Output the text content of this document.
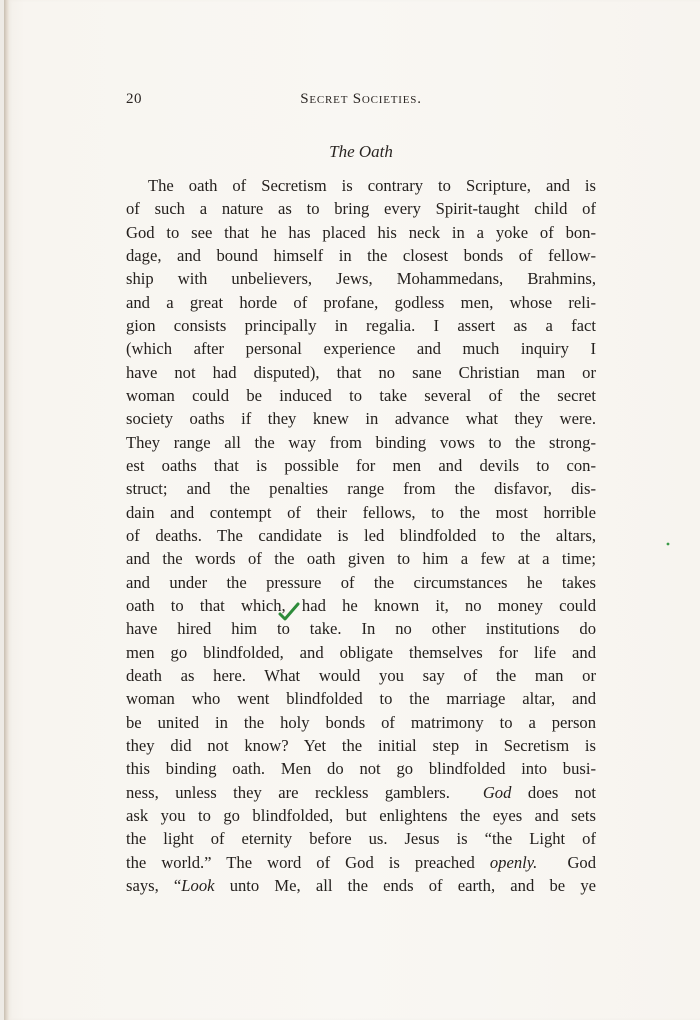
20	Secret Societies.
The Oath
The oath of Secretism is contrary to Scripture, and is
of such a nature as to bring every Spirit-taught child of
God to see that he has placed his neck in a yoke of bon-
dage, and bound himself in the closest bonds of fellow-
ship with unbelievers, Jews, Mohammedans, Brahmins,
and a great horde of profane, godless men, whose reli-
gion consists principally in regalia. I assert as a fact
(which after personal experience and much inquiry I
have not had disputed), that no sane Christian man or
woman could be induced to take several of the secret
society oaths if they knew in advance what they were.
They range all the way from binding vows to the strong-
est oaths that is possible for men and devils to con-
struct; and the penalties range from the disfavor, dis-
dain and contempt of their fellows, to the most horrible
of deaths. The candidate is led blindfolded to the altars,
and the words of the oath given to him a few at a time;
and under the pressure of the circumstances he takes
oath to that which, had he known it, no money could
have hired him to take. In no other institutions do
men go blindfolded, and obligate themselves for life and
death as here. What would you say of the man or
woman who went blindfolded to the marriage altar, and
be united in the holy bonds of matrimony to a person
they did not know? Yet the initial step in Secretism is
this binding oath. Men do not go blindfolded into busi-
ness, unless they are reckless gamblers. God does not
ask you to go blindfolded, but enlightens the eyes and sets
the light of eternity before us. Jesus is “the Light of
the world.” The word of God is preached openly. God
says, “Look unto Me, all the ends of earth, and be ye
